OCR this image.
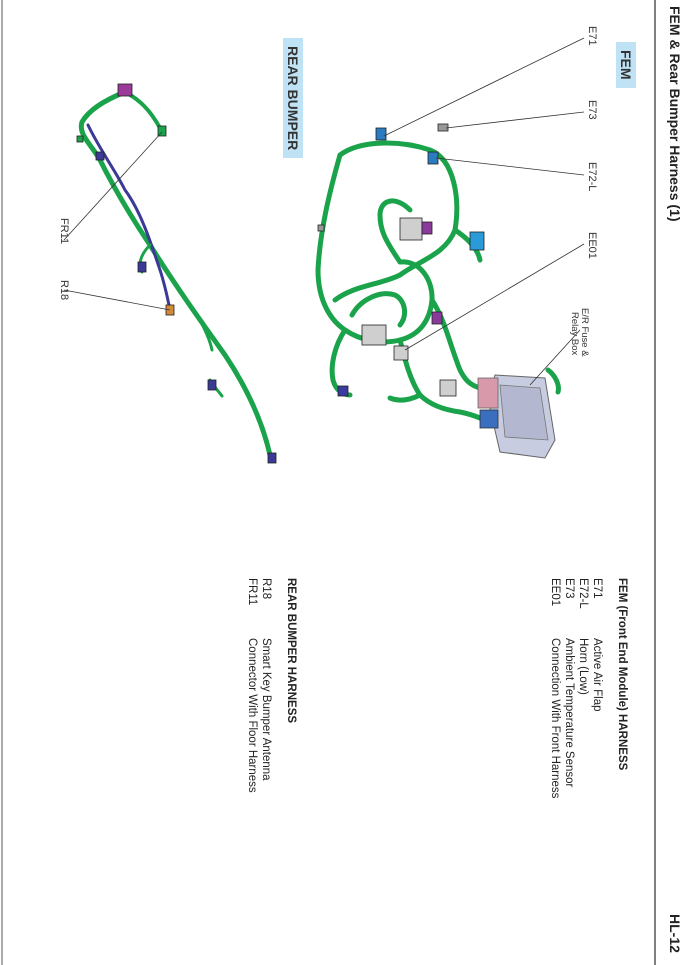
FEM & Rear Bumper Harness (1)
HL-12
FEM
REAR BUMPER
E71
E73
E72-L
EE01
E/R Fuse &
Relay Box
FR11
R18
FEM (Front End Module) HARNESS
E71Active Air Flap
E72-LHorn (Low)
E73Ambient Temperature Sensor
EE01Connection With Front Harness
REAR BUMPER HARNESS
R18Smart Key Bumper Antenna
FR11Connector With Floor Harness
